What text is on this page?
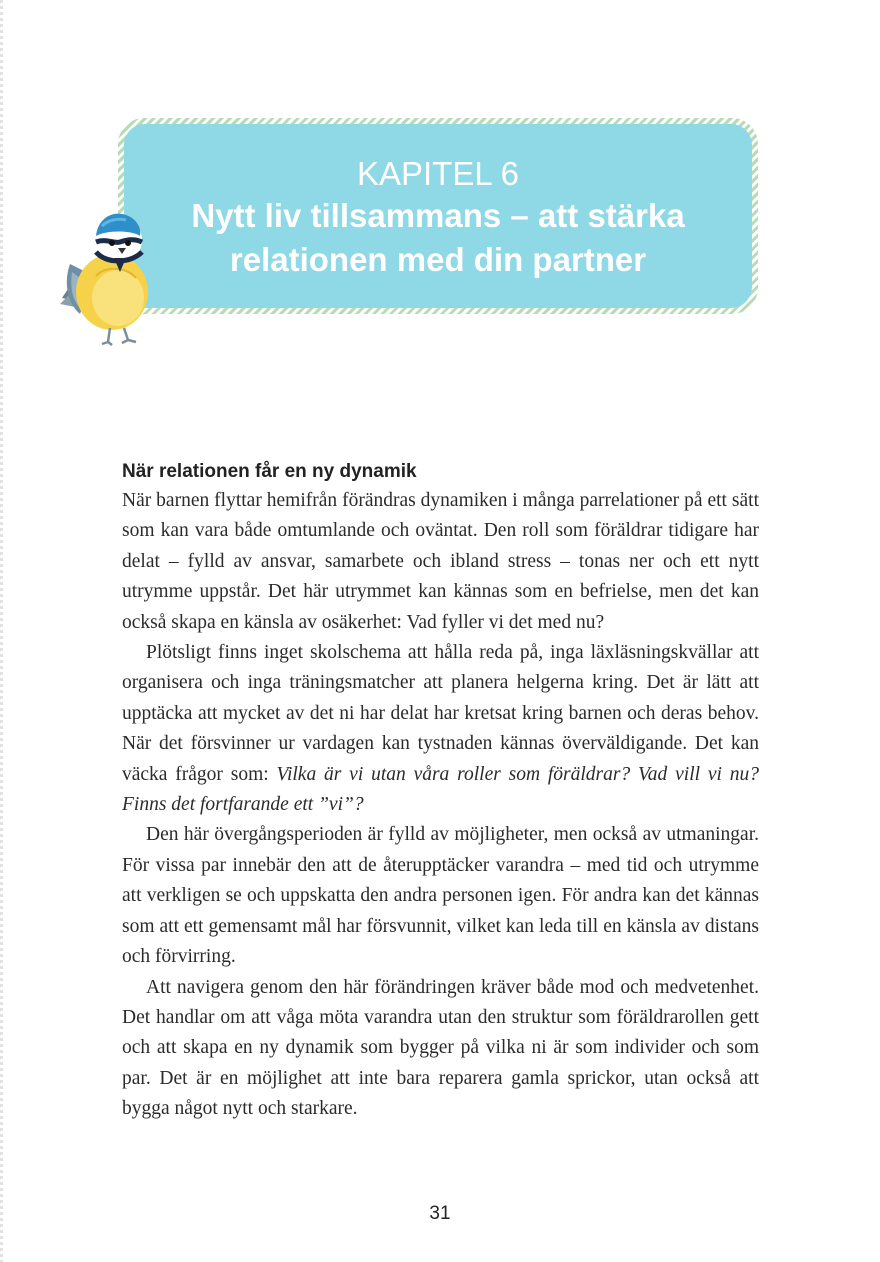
KAPITEL 6
Nytt liv tillsammans – att stärka relationen med din partner
När relationen får en ny dynamik

När barnen flyttar hemifrån förändras dynamiken i många parrelationer på ett sätt som kan vara både omtumlande och oväntat. Den roll som föräldrar tidigare har delat – fylld av ansvar, samarbete och ibland stress – tonas ner och ett nytt utrymme uppstår. Det här utrymmet kan kännas som en befrielse, men det kan också skapa en känsla av osäkerhet: Vad fyller vi det med nu?

Plötsligt finns inget skolschema att hålla reda på, inga läxläsningskvällar att organisera och inga träningsmatcher att planera helgerna kring. Det är lätt att upptäcka att mycket av det ni har delat har kretsat kring barnen och deras behov. När det försvinner ur vardagen kan tystnaden kännas överväldigande. Det kan väcka frågor som: Vilka är vi utan våra roller som föräldrar? Vad vill vi nu? Finns det fortfarande ett ”vi”?

Den här övergångsperioden är fylld av möjligheter, men också av utmaningar. För vissa par innebär den att de återupptäcker varandra – med tid och utrymme att verkligen se och uppskatta den andra personen igen. För andra kan det kännas som att ett gemensamt mål har försvunnit, vilket kan leda till en känsla av distans och förvirring.

Att navigera genom den här förändringen kräver både mod och medvetenhet. Det handlar om att våga möta varandra utan den struktur som föräldrarollen gett och att skapa en ny dynamik som bygger på vilka ni är som individer och som par. Det är en möjlighet att inte bara reparera gamla sprickor, utan också att bygga något nytt och starkare.

31
